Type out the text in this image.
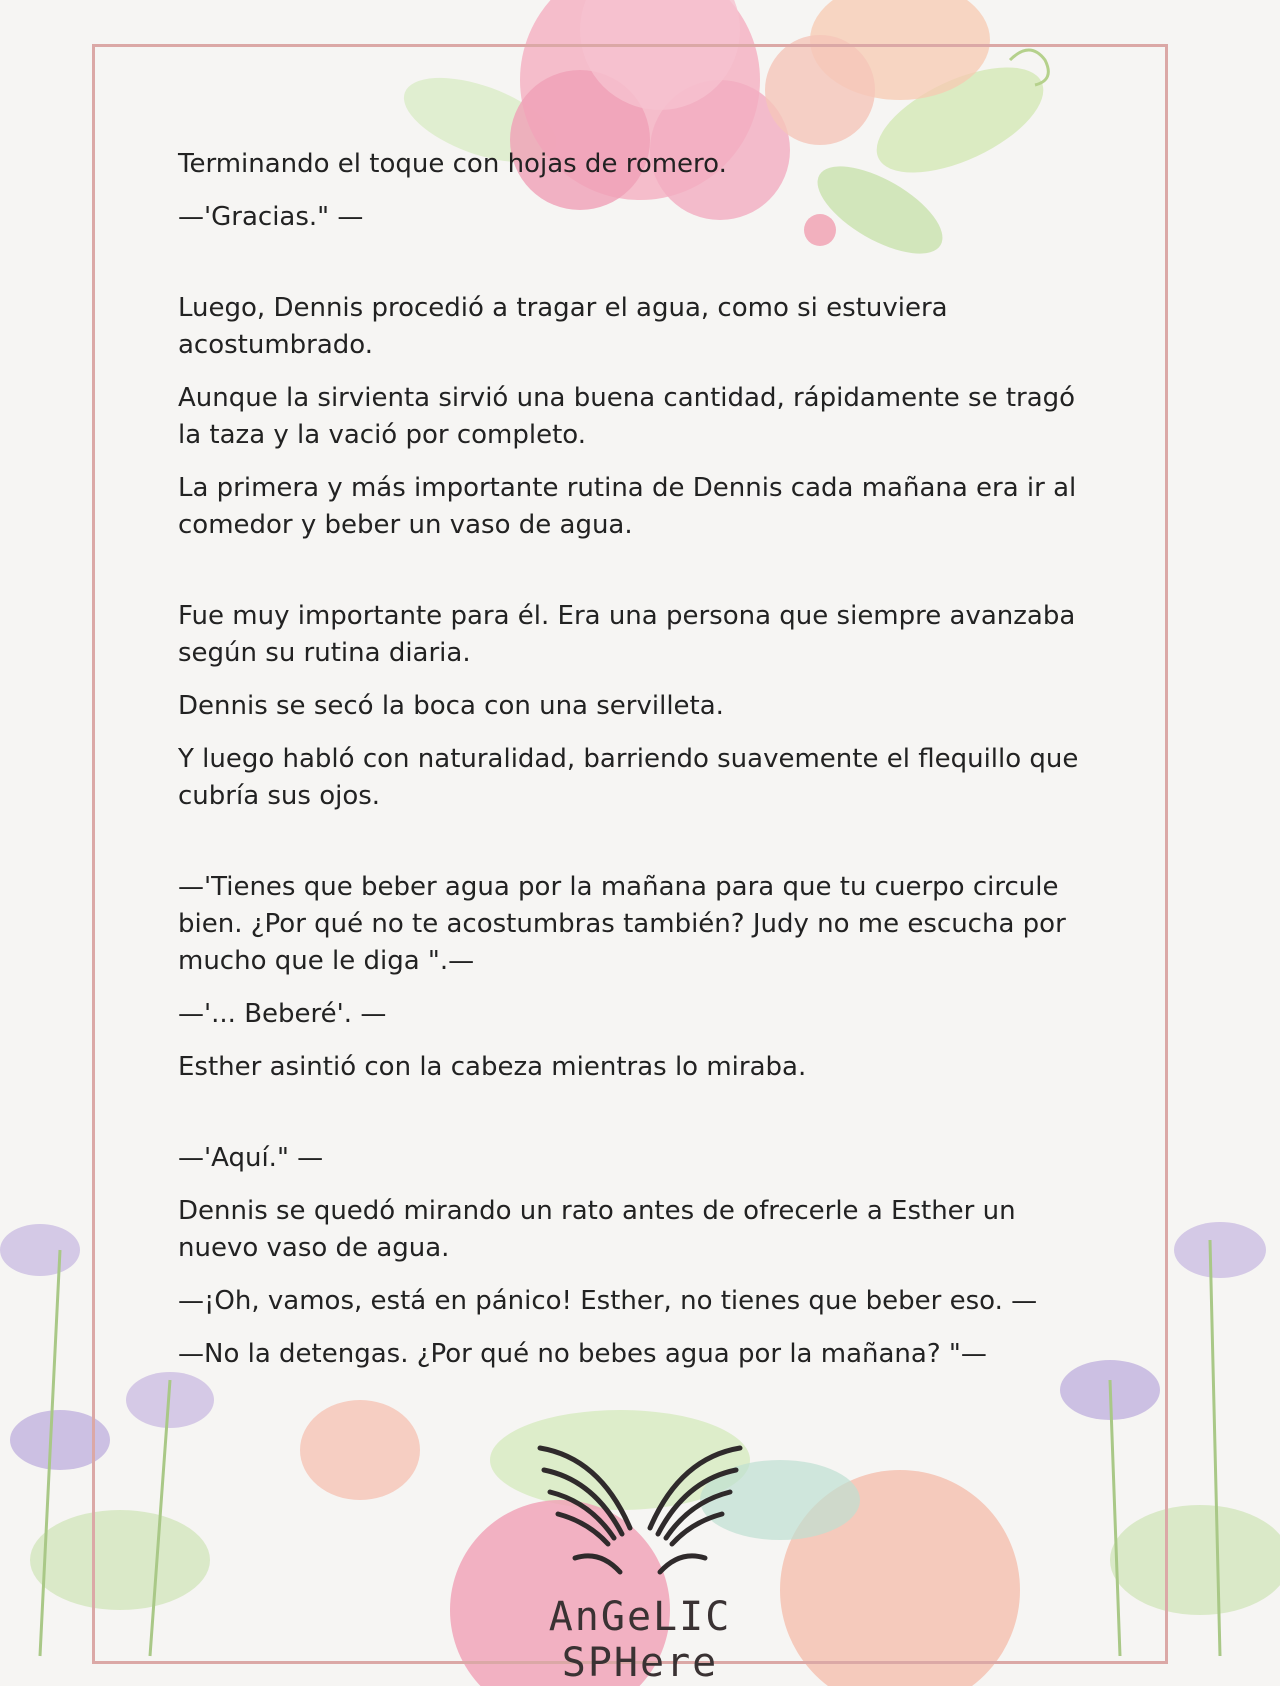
Terminando el toque con hojas de romero.

—'Gracias." —

Luego, Dennis procedió a tragar el agua, como si estuviera acostumbrado.

Aunque la sirvienta sirvió una buena cantidad, rápidamente se tragó la taza y la vació por completo.

La primera y más importante rutina de Dennis cada mañana era ir al comedor y beber un vaso de agua.

Fue muy importante para él. Era una persona que siempre avanzaba según su rutina diaria.

Dennis se secó la boca con una servilleta.

Y luego habló con naturalidad, barriendo suavemente el flequillo que cubría sus ojos.

—'Tienes que beber agua por la mañana para que tu cuerpo circule bien. ¿Por qué no te acostumbras también? Judy no me escucha por mucho que le diga ".—

—'... Beberé'. —

Esther asintió con la cabeza mientras lo miraba.

—'Aquí." —

Dennis se quedó mirando un rato antes de ofrecerle a Esther un nuevo vaso de agua.

—¡Oh, vamos, está en pánico! Esther, no tienes que beber eso. —

—No la detengas. ¿Por qué no bebes agua por la mañana? "—

AnGeLIC SPHere
